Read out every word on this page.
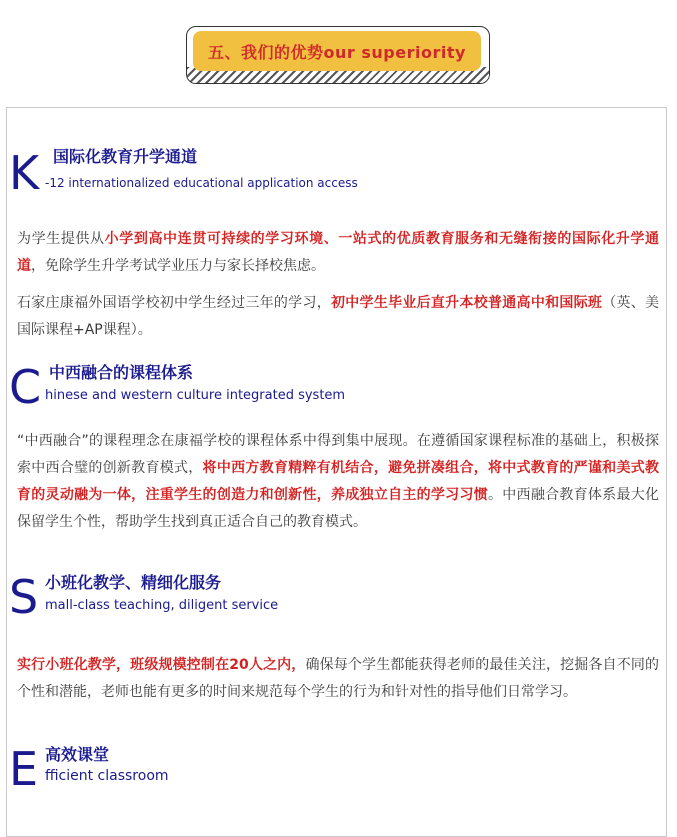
五、我们的优势our superiority
K 国际化教育升学通道
-12 internationalized educational application access

为学生提供从小学到高中连贯可持续的学习环境、一站式的优质教育服务和无缝衔接的国际化升学通道，免除学生升学考试学业压力与家长择校焦虑。

石家庄康福外国语学校初中学生经过三年的学习，初中学生毕业后直升本校普通高中和国际班（英、美国际课程+AP课程）。

C 中西融合的课程体系
hinese and western culture integrated system

“中西融合”的课程理念在康福学校的课程体系中得到集中展现。在遵循国家课程标准的基础上，积极探索中西合璧的创新教育模式，将中西方教育精粹有机结合，避免拼凑组合，将中式教育的严谨和美式教育的灵动融为一体，注重学生的创造力和创新性，养成独立自主的学习习惯。中西融合教育体系最大化保留学生个性，帮助学生找到真正适合自己的教育模式。

S 小班化教学、精细化服务
mall-class teaching, diligent service

实行小班化教学，班级规模控制在20人之内，确保每个学生都能获得老师的最佳关注，挖掘各自不同的个性和潜能，老师也能有更多的时间来规范每个学生的行为和针对性的指导他们日常学习。

E 高效课堂
fficient classroom
